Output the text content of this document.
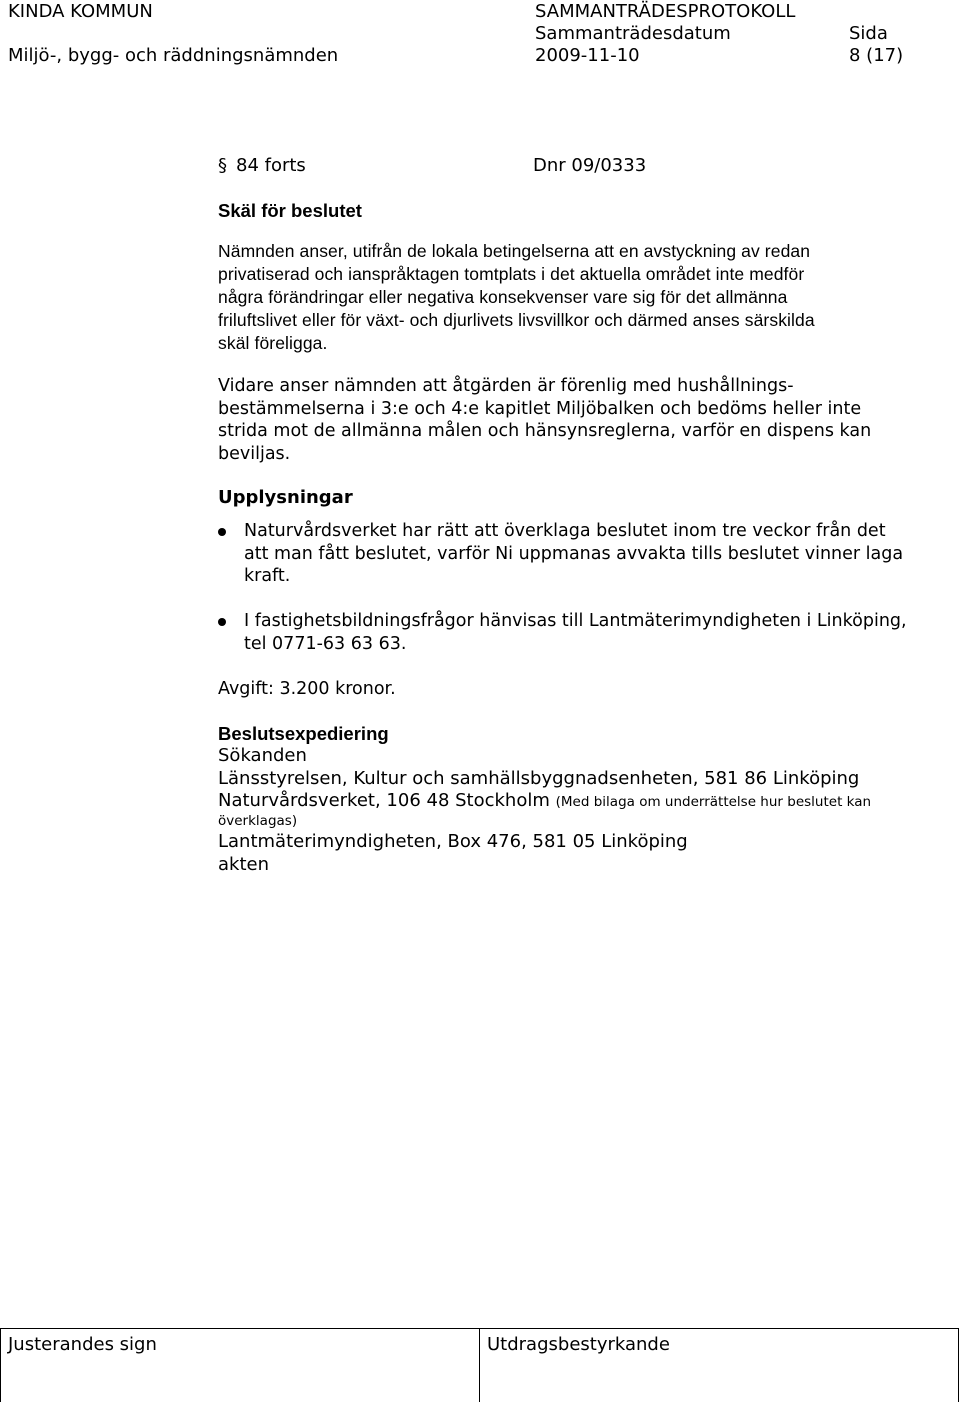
KINDA KOMMUN
Miljö-, bygg- och räddningsnämnden
SAMMANTRÄDESPROTOKOLL
Sammanträdesdatum
2009-11-10
Sida
8 (17)
§ 84 forts	Dnr 09/0333
Skäl för beslutet

Nämnden anser, utifrån de lokala betingelserna att en avstyckning av redan

privatiserad och ianspråktagen tomtplats i det aktuella området inte medför

några förändringar eller negativa konsekvenser vare sig för det allmänna

friluftslivet eller för växt- och djurlivets livsvillkor och därmed anses särskilda

skäl föreligga.

Vidare anser nämnden att åtgärden är förenlig med hushållnings-

bestämmelserna i 3:e och 4:e kapitlet Miljöbalken och bedöms heller inte

strida mot de allmänna målen och hänsynsreglerna, varför en dispens kan

beviljas.

Upplysningar

Naturvårdsverket har rätt att överklaga beslutet inom tre veckor från det

att man fått beslutet, varför Ni uppmanas avvakta tills beslutet vinner laga

kraft.

I fastighetsbildningsfrågor hänvisas till Lantmäterimyndigheten i Linköping,

tel 0771-63 63 63.

Avgift: 3.200 kronor.
Beslutsexpediering
Sökanden
Länsstyrelsen, Kultur och samhällsbyggnadsenheten, 581 86 Linköping
Naturvårdsverket, 106 48 Stockholm (Med bilaga om underrättelse hur beslutet kan
överklagas)
Lantmäterimyndigheten, Box 476, 581 05 Linköping
akten
Justerandes sign	Utdragsbestyrkande
